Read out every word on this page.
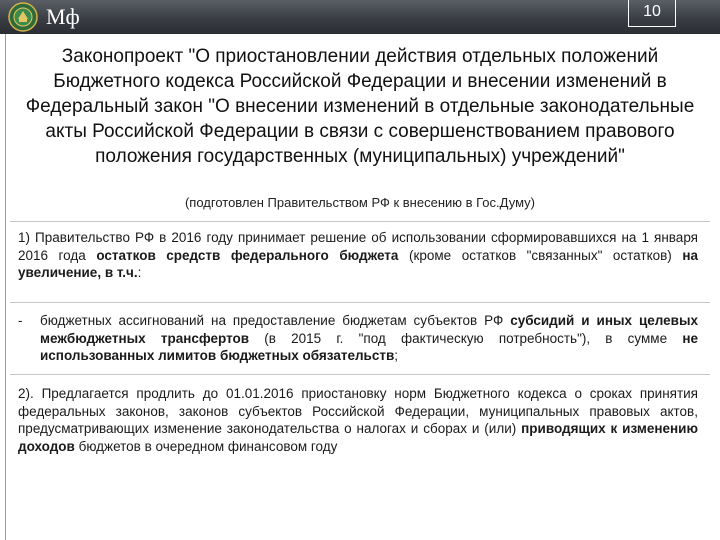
Мф	10
Законопроект "О приостановлении действия отдельных положений Бюджетного кодекса Российской Федерации и внесении изменений в Федеральный закон "О внесении изменений в отдельные законодательные акты Российской Федерации в связи с совершенствованием правового положения государственных (муниципальных) учреждений"
(подготовлен Правительством РФ к внесению в Гос.Думу)
1) Правительство РФ в 2016 году принимает решение об использовании сформировавшихся на 1 января 2016 года остатков средств федерального бюджета (кроме остатков "связанных" остатков) на увеличение, в т.ч.:
-	бюджетных ассигнований на предоставление бюджетам субъектов РФ субсидий и иных целевых межбюджетных трансфертов (в 2015 г. "под фактическую потребность"), в сумме не использованных лимитов бюджетных обязательств;
2). Предлагается продлить до 01.01.2016 приостановку норм Бюджетного кодекса о сроках принятия федеральных законов, законов субъектов Российской Федерации, муниципальных правовых актов, предусматривающих изменение законодательства о налогах и сборах и (или) приводящих к изменению доходов бюджетов в очередном финансовом году
